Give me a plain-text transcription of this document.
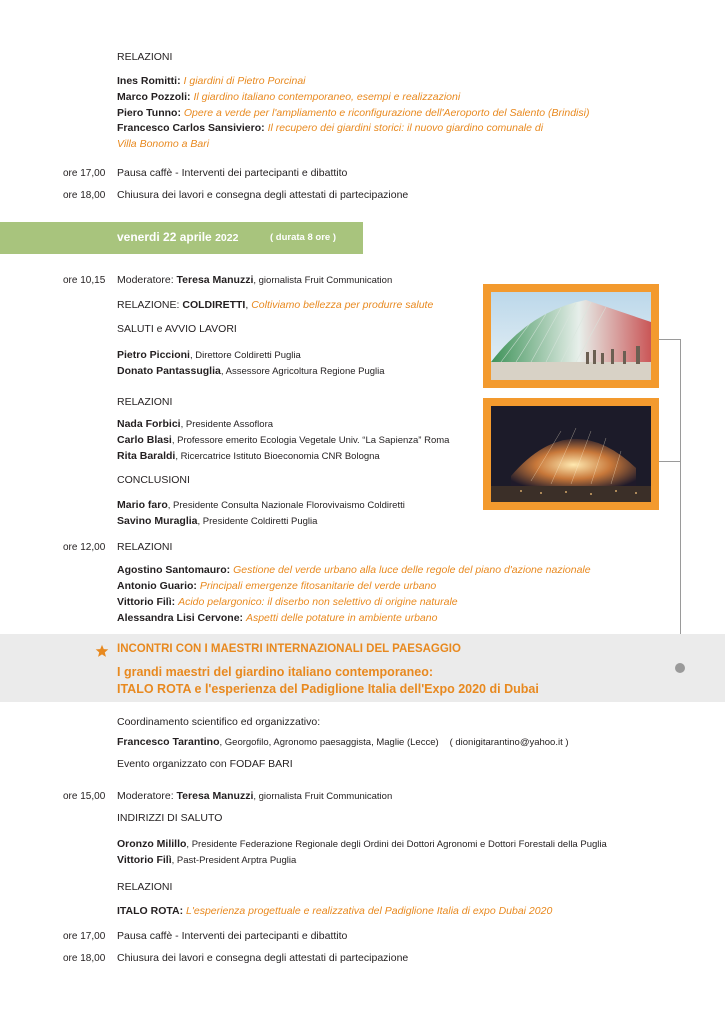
RELAZIONI
Ines Romitti: I giardini di Pietro Porcinai
Marco Pozzoli: Il giardino italiano contemporaneo, esempi e realizzazioni
Piero Tunno: Opere a verde per l'ampliamento e riconfigurazione dell'Aeroporto del Salento (Brindisi)
Francesco Carlos Sansiviero: Il recupero dei giardini storici: il nuovo giardino comunale di
Villa Bonomo a Bari
ore 17,00 Pausa caffè - Interventi dei partecipanti e dibattito
ore 18,00 Chiusura dei lavori e consegna degli attestati di partecipazione
venerdi 22 aprile 2022	( durata 8 ore )
ore 10,15 Moderatore: Teresa Manuzzi, giornalista Fruit Communication
RELAZIONE: COLDIRETTI, Coltiviamo bellezza per produrre salute
SALUTI e AVVIO LAVORI
Pietro Piccioni, Direttore Coldiretti Puglia
Donato Pantassuglia, Assessore Agricoltura Regione Puglia
RELAZIONI
Nada Forbici, Presidente Assoflora
Carlo Blasi, Professore emerito Ecologia Vegetale Univ. “La Sapienza” Roma
Rita Baraldi, Ricercatrice Istituto Bioeconomia CNR Bologna
CONCLUSIONI
Mario faro, Presidente Consulta Nazionale Florovivaismo Coldiretti
Savino Muraglia, Presidente Coldiretti Puglia
ore 12,00 RELAZIONI
Agostino Santomauro: Gestione del verde urbano alla luce delle regole del piano d'azione nazionale
Antonio Guario: Principali emergenze fitosanitarie del verde urbano
Vittorio Filì: Acido pelargonico: il diserbo non selettivo di origine naturale
Alessandra Lisi Cervone: Aspetti delle potature in ambiente urbano
INCONTRI CON I MAESTRI INTERNAZIONALI DEL PAESAGGIO
I grandi maestri del giardino italiano contemporaneo:
ITALO ROTA e l'esperienza del Padiglione Italia dell'Expo 2020 di Dubai
Coordinamento scientifico ed organizzativo:
Francesco Tarantino, Georgofilo, Agronomo paesaggista, Maglie (Lecce) ( dionigitarantino@yahoo.it )
Evento organizzato con FODAF BARI
ore 15,00 Moderatore: Teresa Manuzzi, giornalista Fruit Communication
INDIRIZZI DI SALUTO
Oronzo Milillo, Presidente Federazione Regionale degli Ordini dei Dottori Agronomi e Dottori Forestali della Puglia
Vittorio Filì, Past-President Arptra Puglia
RELAZIONI
ITALO ROTA: L'esperienza progettuale e realizzativa del Padiglione Italia di expo Dubai 2020
ore 17,00 Pausa caffè - Interventi dei partecipanti e dibattito
ore 18,00 Chiusura dei lavori e consegna degli attestati di partecipazione
